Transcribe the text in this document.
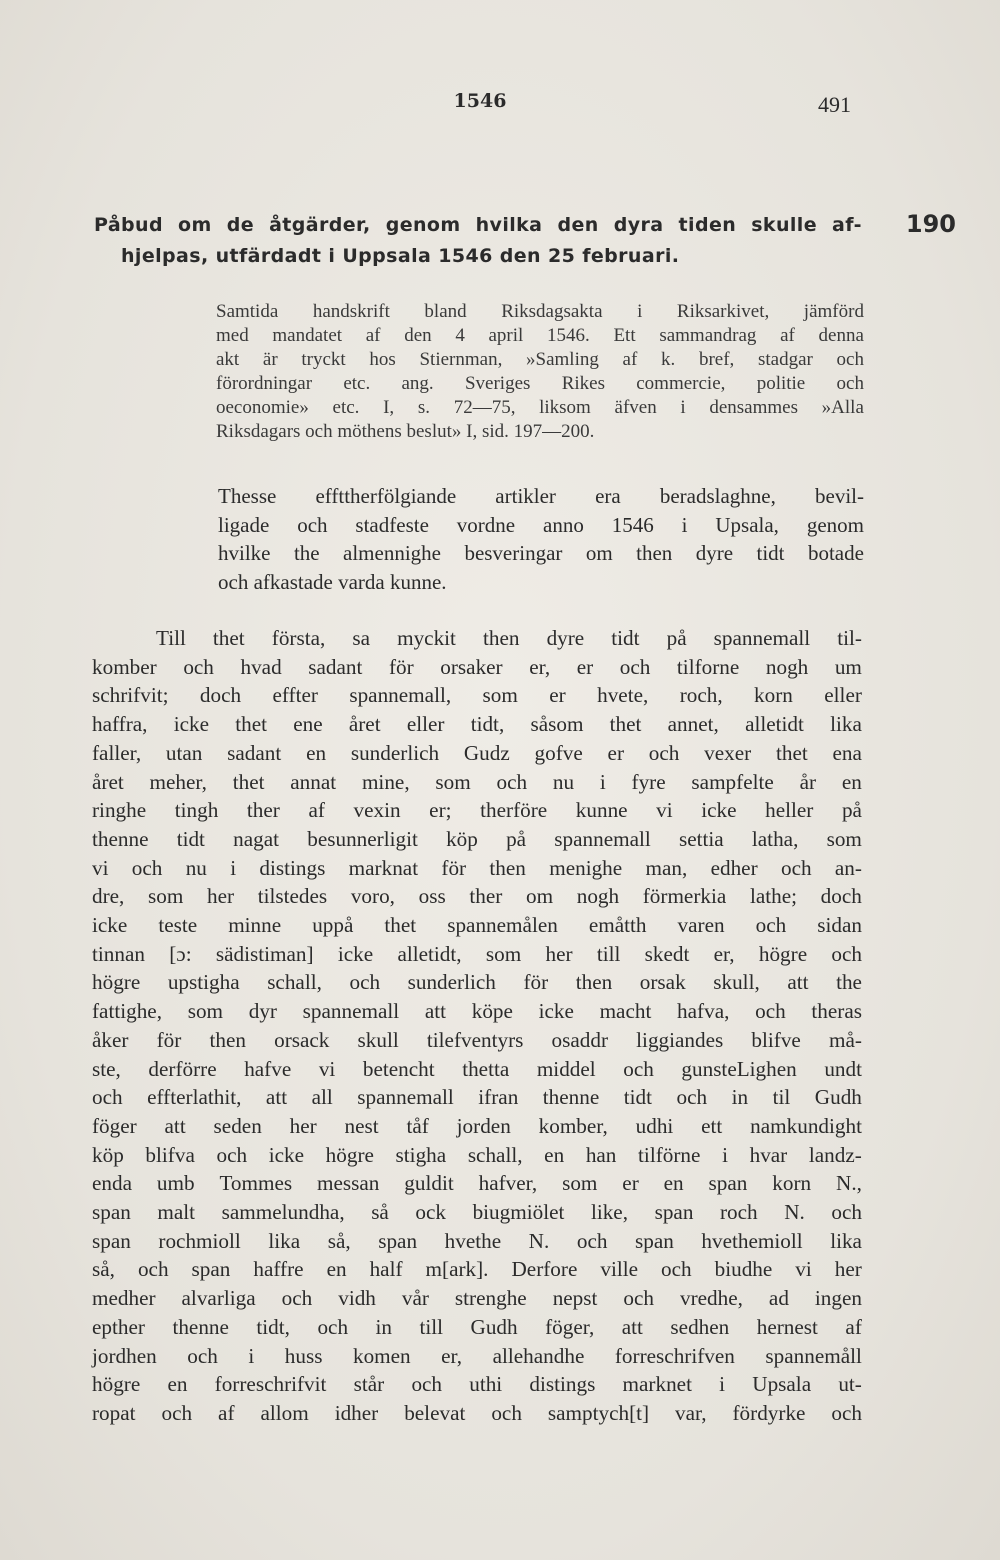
1546	491
190
Påbud om de åtgärder, genom hvilka den dyra tiden skulle af-
hjelpas, utfärdadt i Uppsala 1546 den 25 februari.
Samtida handskrift bland Riksdagsakta i Riksarkivet, jämförd
med mandatet af den 4 april 1546. Ett sammandrag af denna
akt är tryckt hos Stiernman, »Samling af k. bref, stadgar och
förordningar etc. ang. Sveriges Rikes commercie, politie och
oeconomie» etc. I, s. 72—75, liksom äfven i densammes »Alla
Riksdagars och möthens beslut» I, sid. 197—200.
Thesse effttherfölgiande artikler era beradslaghne, bevil-
ligade och stadfeste vordne anno 1546 i Upsala, genom
hvilke the almennighe besveringar om then dyre tidt botade
och afkastade varda kunne.
Till thet första, sa myckit then dyre tidt på spannemall til-
komber och hvad sadant för orsaker er, er och tilforne nogh um
schrifvit; doch effter spannemall, som er hvete, roch, korn eller
haffra, icke thet ene året eller tidt, såsom thet annet, alletidt lika
faller, utan sadant en sunderlich Gudz gofve er och vexer thet ena
året meher, thet annat mine, som och nu i fyre sampfelte år en
ringhe tingh ther af vexin er; therföre kunne vi icke heller på
thenne tidt nagat besunnerligit köp på spannemall settia latha, som
vi och nu i distings marknat för then menighe man, edher och an-
dre, som her tilstedes voro, oss ther om nogh förmerkia lathe; doch
icke teste minne uppå thet spannemålen emåtth varen och sidan
tinnan [ɔ: sädistiman] icke alletidt, som her till skedt er, högre och
högre upstigha schall, och sunderlich för then orsak skull, att the
fattighe, som dyr spannemall att köpe icke macht hafva, och theras
åker för then orsack skull tilefventyrs osaddr liggiandes blifve må-
ste, derförre hafve vi betencht thetta middel och gunsteLighen undt
och effterlathit, att all spannemall ifran thenne tidt och in til Gudh
föger att seden her nest tåf jorden komber, udhi ett namkundight
köp blifva och icke högre stigha schall, en han tilförne i hvar landz-
enda umb Tommes messan guldit hafver, som er en span korn N.,
span malt sammelundha, så ock biugmiölet like, span roch N. och
span rochmioll lika så, span hvethe N. och span hvethemioll lika
så, och span haffre en half m[ark]. Derfore ville och biudhe vi her
medher alvarliga och vidh vår strenghe nepst och vredhe, ad ingen
epther thenne tidt, och in till Gudh föger, att sedhen hernest af
jordhen och i huss komen er, allehandhe forreschrifven spannemåll
högre en forreschrifvit står och uthi distings marknet i Upsala ut-
ropat och af allom idher belevat och samptych[t] var, fördyrke och
